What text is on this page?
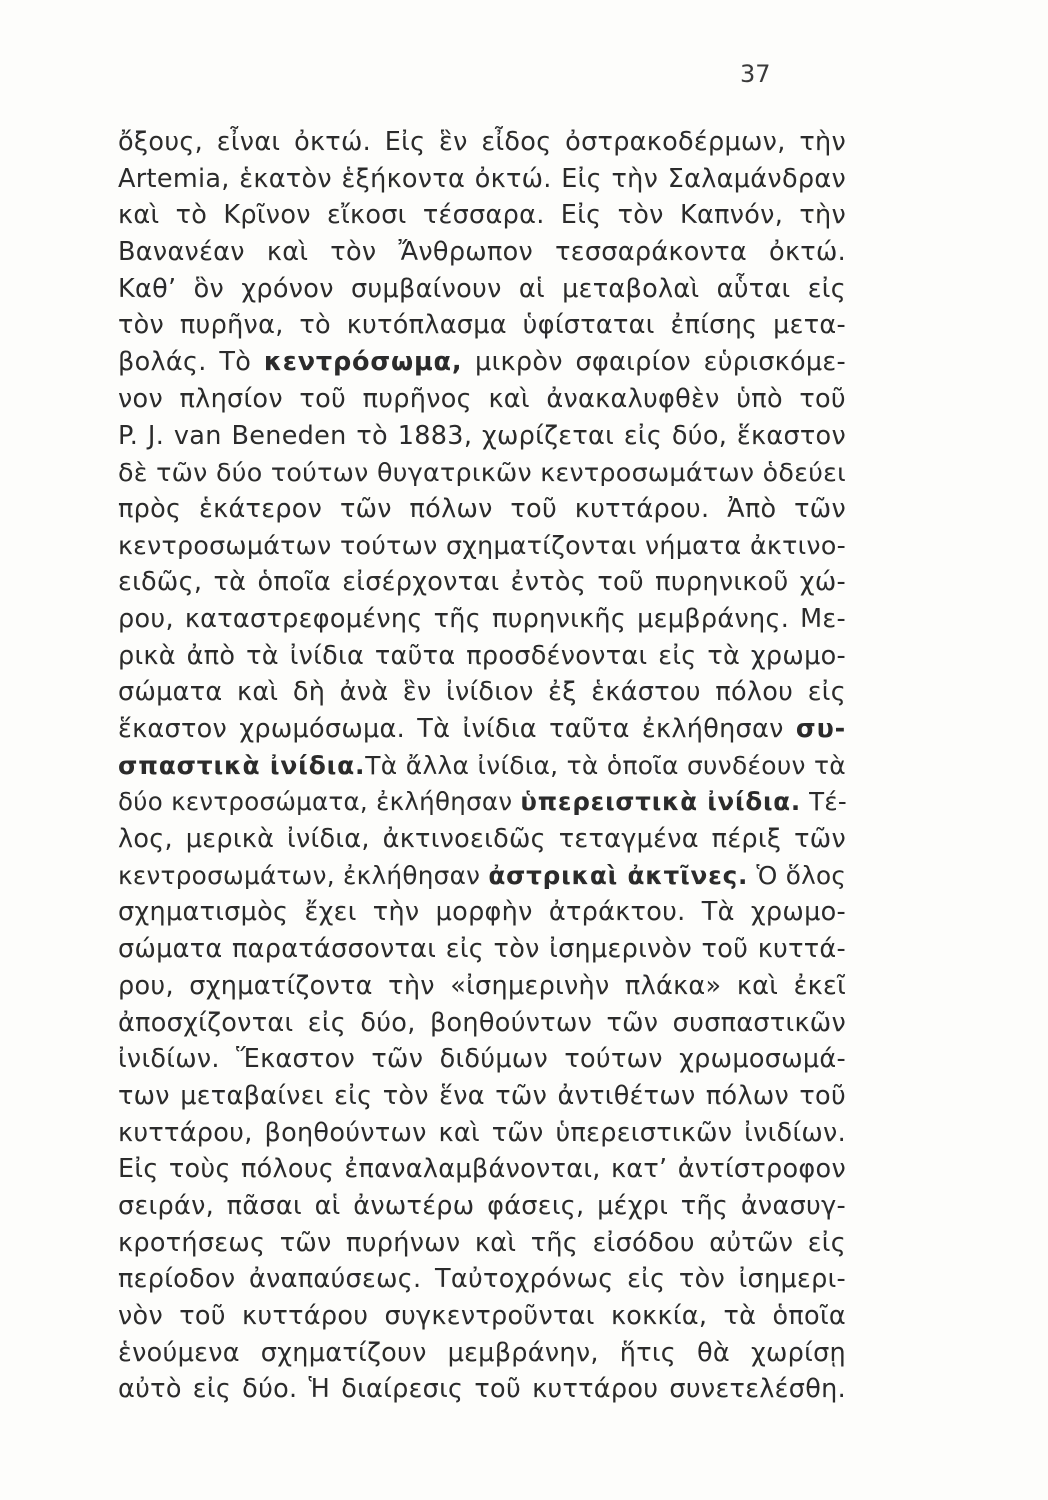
37
ὄξους, εἶναι ὀκτώ. Εἰς ἓν εἶδος ὀστρακοδέρμων, τὴν
Artemia, ἑκατὸν ἑξήκοντα ὀκτώ. Εἰς τὴν Σαλαμάνδραν
καὶ τὸ Κρῖνον εἴκοσι τέσσαρα. Εἰς τὸν Καπνόν, τὴν
Βανανέαν καὶ τὸν Ἄνθρωπον τεσσαράκοντα ὀκτώ.
Καθ’ ὃν χρόνον συμβαίνουν αἱ μεταβολαὶ αὗται εἰς
τὸν πυρῆνα, τὸ κυτόπλασμα ὑφίσταται ἐπίσης μετα-
βολάς. Τὸ κεντρόσωμα, μικρὸν σφαιρίον εὑρισκόμε-
νον πλησίον τοῦ πυρῆνος καὶ ἀνακαλυφθὲν ὑπὸ τοῦ
P. J. van Beneden τὸ 1883, χωρίζεται εἰς δύο, ἕκαστον
δὲ τῶν δύο τούτων θυγατρικῶν κεντροσωμάτων ὁδεύει
πρὸς ἑκάτερον τῶν πόλων τοῦ κυττάρου. Ἀπὸ τῶν
κεντροσωμάτων τούτων σχηματίζονται νήματα ἀκτινο-
ειδῶς, τὰ ὁποῖα εἰσέρχονται ἐντὸς τοῦ πυρηνικοῦ χώ-
ρου, καταστρεφομένης τῆς πυρηνικῆς μεμβράνης. Με-
ρικὰ ἀπὸ τὰ ἰνίδια ταῦτα προσδένονται εἰς τὰ χρωμο-
σώματα καὶ δὴ ἀνὰ ἓν ἰνίδιον ἐξ ἑκάστου πόλου εἰς
ἕκαστον χρωμόσωμα. Τὰ ἰνίδια ταῦτα ἐκλήθησαν συ-
σπαστικὰ ἰνίδια.Τὰ ἄλλα ἰνίδια, τὰ ὁποῖα συνδέουν τὰ
δύο κεντροσώματα, ἐκλήθησαν ὑπερειστικὰ ἰνίδια. Τέ-
λος, μερικὰ ἰνίδια, ἀκτινοειδῶς τεταγμένα πέριξ τῶν
κεντροσωμάτων, ἐκλήθησαν ἀστρικαὶ ἀκτῖνες. Ὁ ὅλος
σχηματισμὸς ἔχει τὴν μορφὴν ἀτράκτου. Τὰ χρωμο-
σώματα παρατάσσονται εἰς τὸν ἰσημερινὸν τοῦ κυττά-
ρου, σχηματίζοντα τὴν «ἰσημερινὴν πλάκα» καὶ ἐκεῖ
ἀποσχίζονται εἰς δύο, βοηθούντων τῶν συσπαστικῶν
ἰνιδίων. Ἕκαστον τῶν διδύμων τούτων χρωμοσωμά-
των μεταβαίνει εἰς τὸν ἕνα τῶν ἀντιθέτων πόλων τοῦ
κυττάρου, βοηθούντων καὶ τῶν ὑπερειστικῶν ἰνιδίων.
Εἰς τοὺς πόλους ἐπαναλαμβάνονται, κατ’ ἀντίστροφον
σειράν, πᾶσαι αἱ ἀνωτέρω φάσεις, μέχρι τῆς ἀνασυγ-
κροτήσεως τῶν πυρήνων καὶ τῆς εἰσόδου αὐτῶν εἰς
περίοδον ἀναπαύσεως. Ταὐτοχρόνως εἰς τὸν ἰσημερι-
νὸν τοῦ κυττάρου συγκεντροῦνται κοκκία, τὰ ὁποῖα
ἑνούμενα σχηματίζουν μεμβράνην, ἥτις θὰ χωρίσῃ
αὐτὸ εἰς δύο. Ἡ διαίρεσις τοῦ κυττάρου συνετελέσθη.
